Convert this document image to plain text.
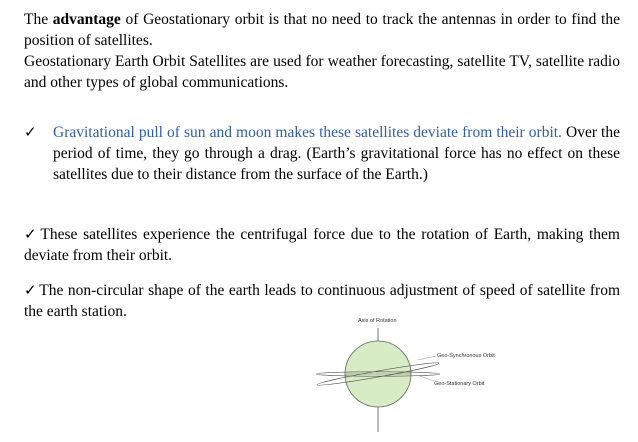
The advantage of Geostationary orbit is that no need to track the antennas in order to find the position of satellites.

Geostationary Earth Orbit Satellites are used for weather forecasting, satellite TV, satellite radio and other types of global communications.

✓ Gravitational pull of sun and moon makes these satellites deviate from their orbit. Over the period of time, they go through a drag. (Earth’s gravitational force has no effect on these satellites due to their distance from the surface of the Earth.)
✓ These satellites experience the centrifugal force due to the rotation of Earth, making them deviate from their orbit.
✓ The non-circular shape of the earth leads to continuous adjustment of speed of satellite from the earth station.
Axis of Rotation
Geo-Synchronous Orbit
Geo-Stationary Orbit
